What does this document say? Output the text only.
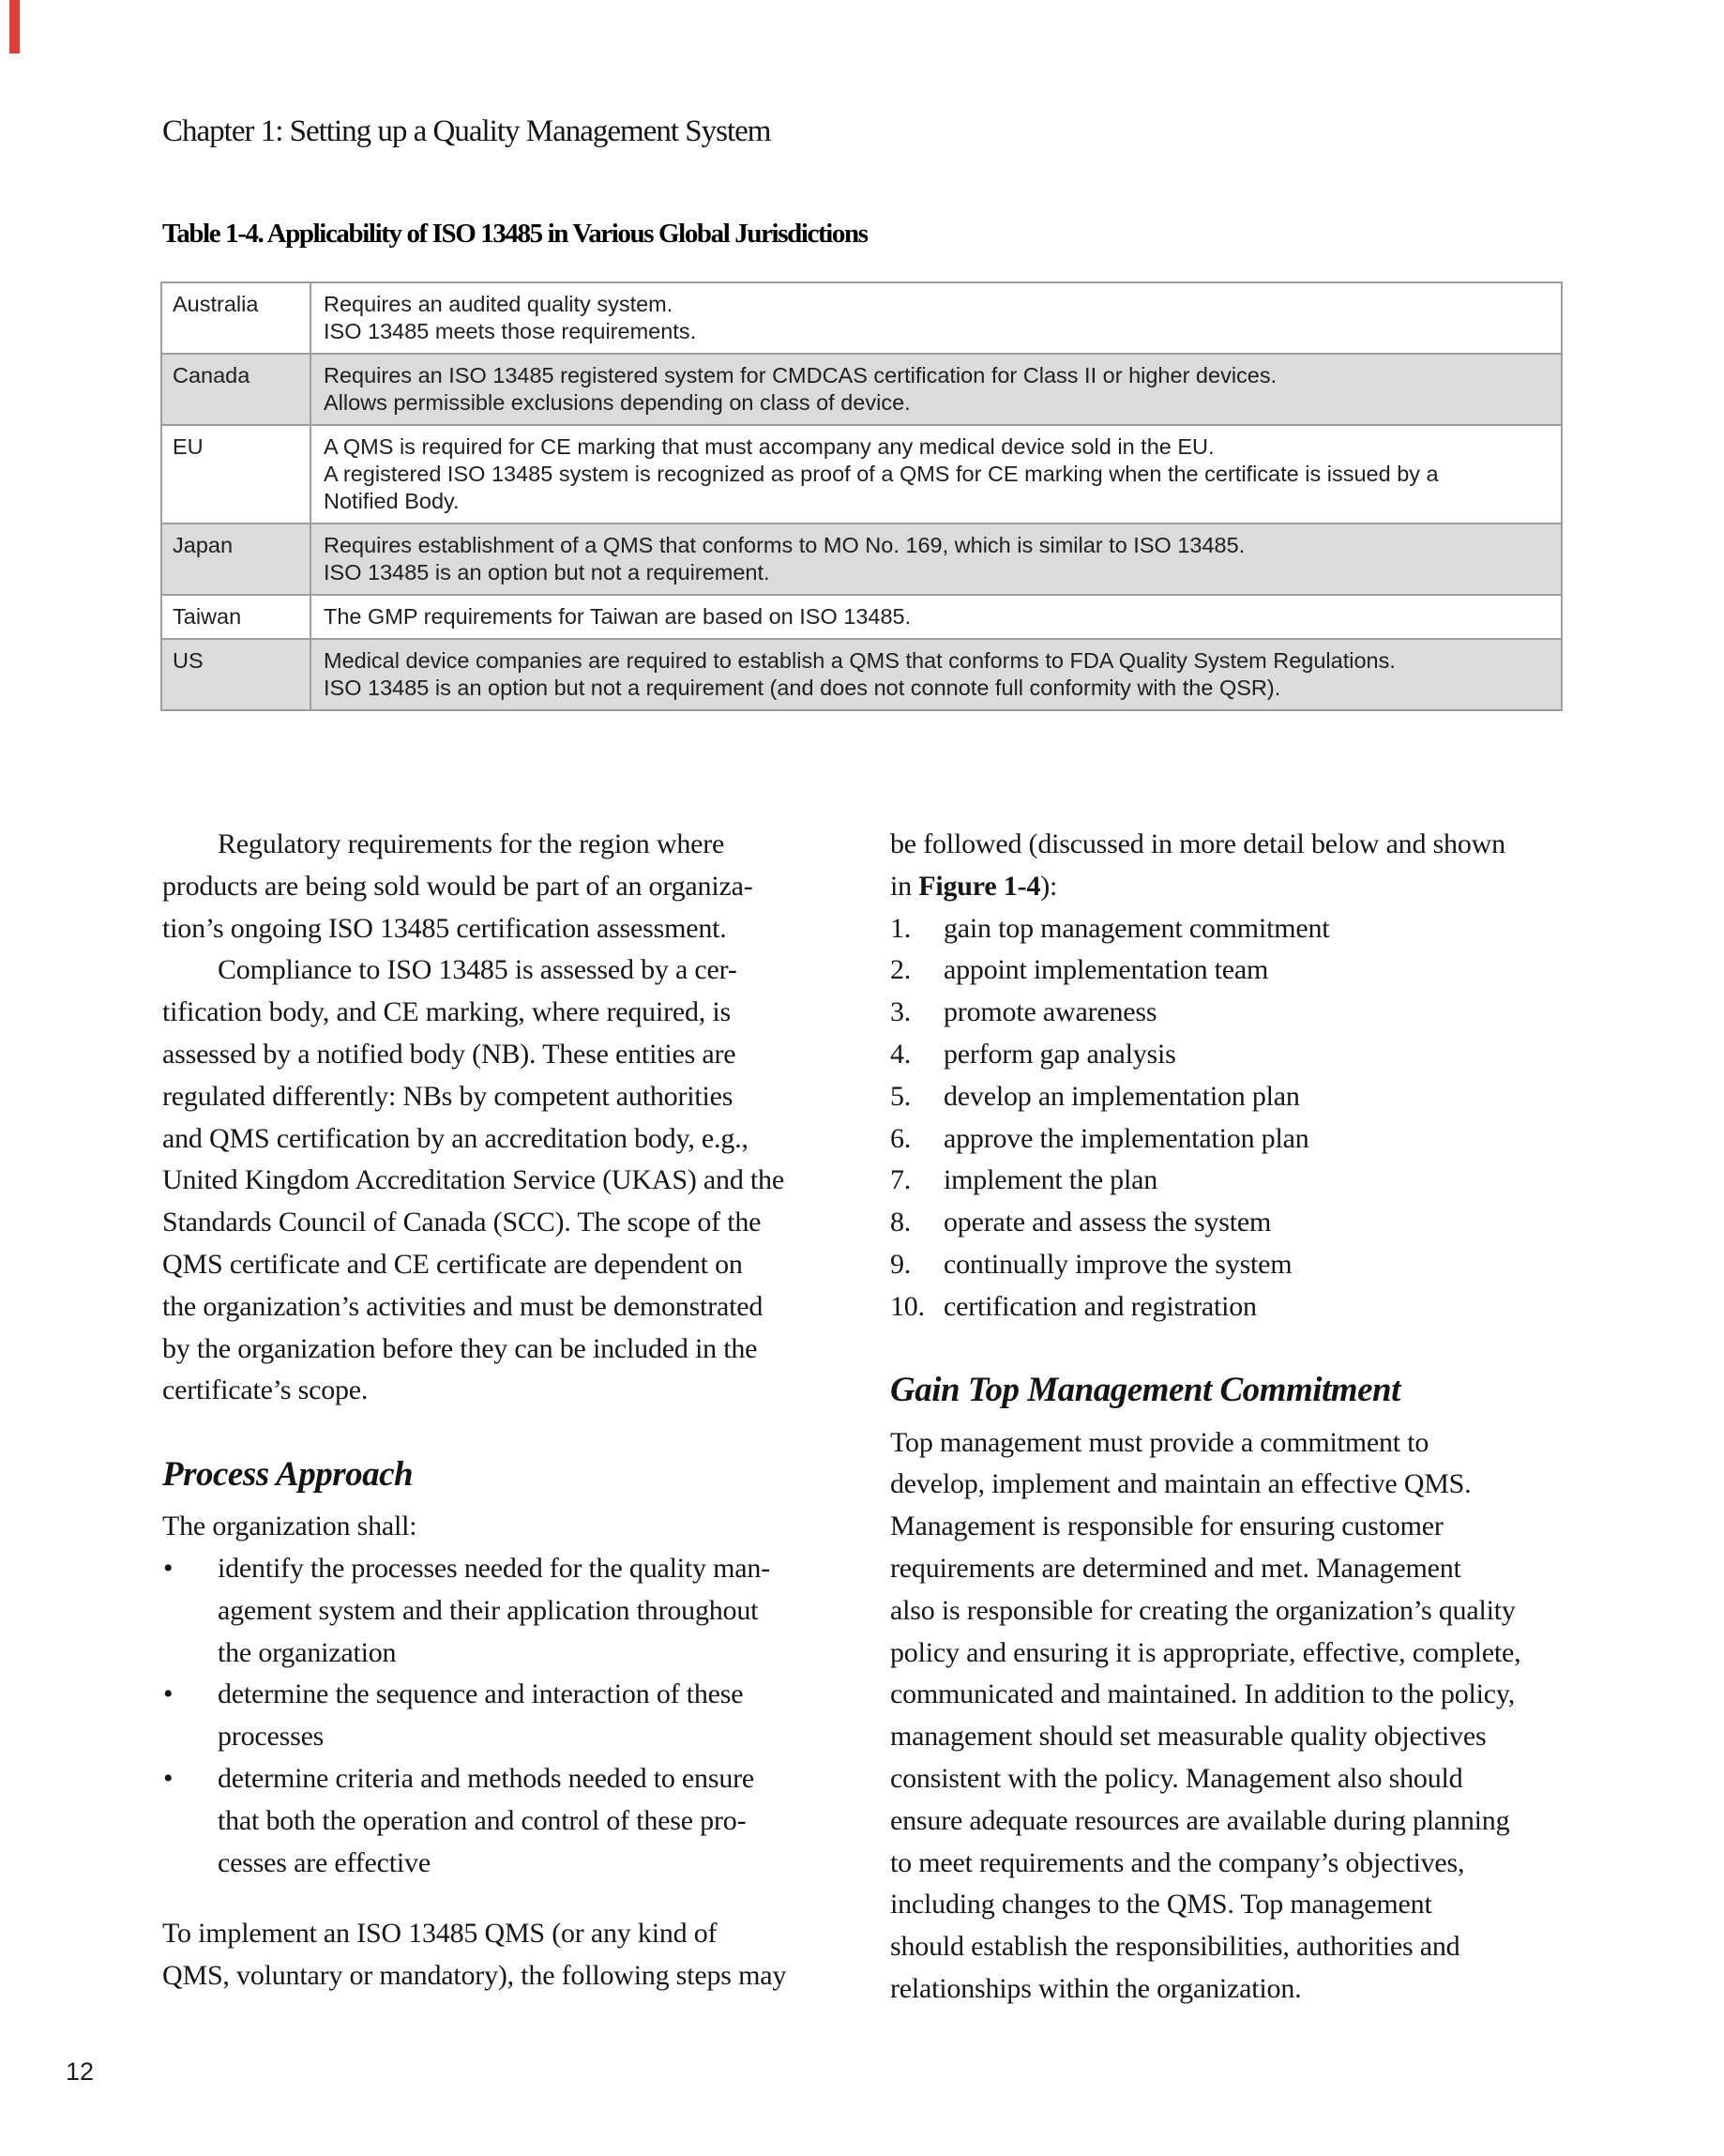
Chapter 1: Setting up a Quality Management System
Table 1-4. Applicability of ISO 13485 in Various Global Jurisdictions
Australia	Requires an audited quality system.
ISO 13485 meets those requirements.
Canada	Requires an ISO 13485 registered system for CMDCAS certification for Class II or higher devices.
Allows permissible exclusions depending on class of device.
EU	A QMS is required for CE marking that must accompany any medical device sold in the EU.
A registered ISO 13485 system is recognized as proof of a QMS for CE marking when the certificate is issued by a
Notified Body.
Japan	Requires establishment of a QMS that conforms to MO No. 169, which is similar to ISO 13485.
ISO 13485 is an option but not a requirement.
Taiwan	The GMP requirements for Taiwan are based on ISO 13485.
US	Medical device companies are required to establish a QMS that conforms to FDA Quality System Regulations.
ISO 13485 is an option but not a requirement (and does not connote full conformity with the QSR).
Regulatory requirements for the region where
products are being sold would be part of an organiza-
tion’s ongoing ISO 13485 certification assessment.
Compliance to ISO 13485 is assessed by a cer-
tification body, and CE marking, where required, is
assessed by a notified body (NB). These entities are
regulated differently: NBs by competent authorities
and QMS certification by an accreditation body, e.g.,
United Kingdom Accreditation Service (UKAS) and the
Standards Council of Canada (SCC). The scope of the
QMS certificate and CE certificate are dependent on
the organization’s activities and must be demonstrated
by the organization before they can be included in the
certificate’s scope.
Process Approach
The organization shall:
• identify the processes needed for the quality man-
agement system and their application throughout
the organization
• determine the sequence and interaction of these
processes
• determine criteria and methods needed to ensure
that both the operation and control of these pro-
cesses are effective
To implement an ISO 13485 QMS (or any kind of
QMS, voluntary or mandatory), the following steps may
be followed (discussed in more detail below and shown
in Figure 1-4):
1. gain top management commitment
2. appoint implementation team
3. promote awareness
4. perform gap analysis
5. develop an implementation plan
6. approve the implementation plan
7. implement the plan
8. operate and assess the system
9. continually improve the system
10. certification and registration
Gain Top Management Commitment
Top management must provide a commitment to
develop, implement and maintain an effective QMS.
Management is responsible for ensuring customer
requirements are determined and met. Management
also is responsible for creating the organization’s quality
policy and ensuring it is appropriate, effective, complete,
communicated and maintained. In addition to the policy,
management should set measurable quality objectives
consistent with the policy. Management also should
ensure adequate resources are available during planning
to meet requirements and the company’s objectives,
including changes to the QMS. Top management
should establish the responsibilities, authorities and
relationships within the organization.
12
